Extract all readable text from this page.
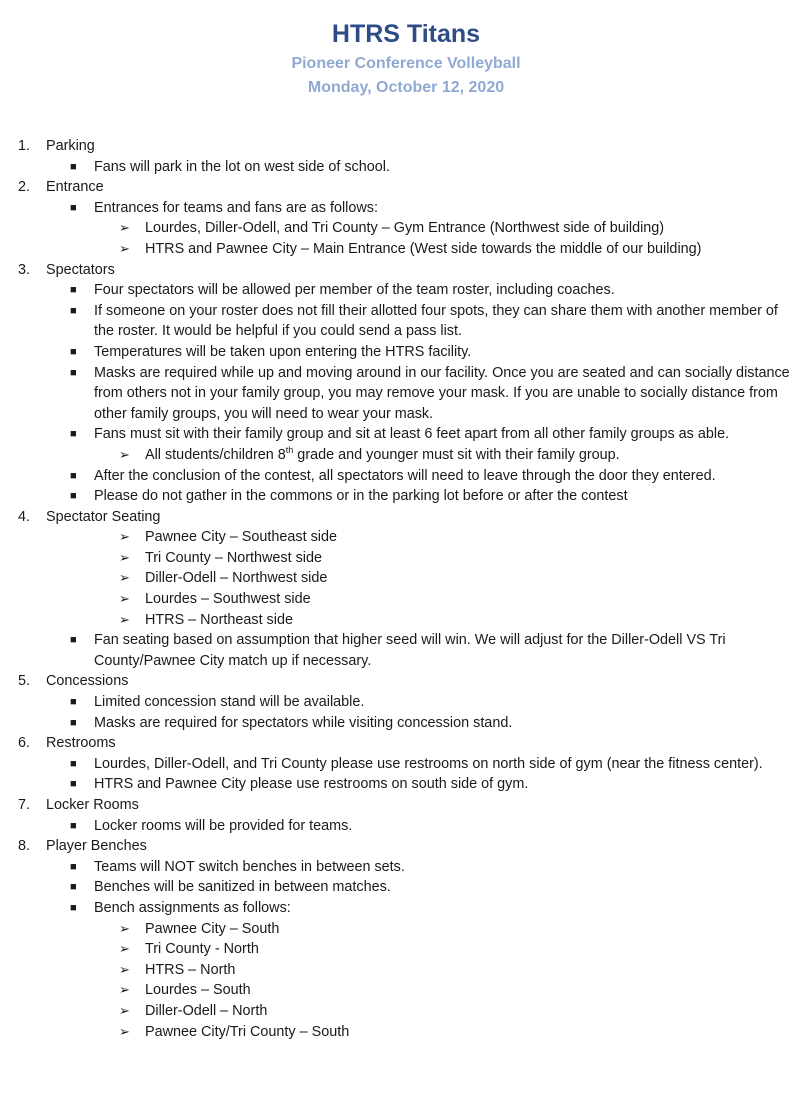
HTRS Titans
Pioneer Conference Volleyball
Monday, October 12, 2020
1. Parking
■ Fans will park in the lot on west side of school.
2. Entrance
■ Entrances for teams and fans are as follows:
➢ Lourdes, Diller-Odell, and Tri County – Gym Entrance (Northwest side of building)
➢ HTRS and Pawnee City – Main Entrance (West side towards the middle of our building)
3. Spectators
■ Four spectators will be allowed per member of the team roster, including coaches.
■ If someone on your roster does not fill their allotted four spots, they can share them with another member of the roster. It would be helpful if you could send a pass list.
■ Temperatures will be taken upon entering the HTRS facility.
■ Masks are required while up and moving around in our facility. Once you are seated and can socially distance from others not in your family group, you may remove your mask. If you are unable to socially distance from other family groups, you will need to wear your mask.
■ Fans must sit with their family group and sit at least 6 feet apart from all other family groups as able.
➢ All students/children 8th grade and younger must sit with their family group.
■ After the conclusion of the contest, all spectators will need to leave through the door they entered.
■ Please do not gather in the commons or in the parking lot before or after the contest
4. Spectator Seating
➢ Pawnee City – Southeast side
➢ Tri County – Northwest side
➢ Diller-Odell – Northwest side
➢ Lourdes – Southwest side
➢ HTRS – Northeast side
■ Fan seating based on assumption that higher seed will win. We will adjust for the Diller-Odell VS Tri County/Pawnee City match up if necessary.
5. Concessions
■ Limited concession stand will be available.
■ Masks are required for spectators while visiting concession stand.
6. Restrooms
■ Lourdes, Diller-Odell, and Tri County please use restrooms on north side of gym (near the fitness center).
■ HTRS and Pawnee City please use restrooms on south side of gym.
7. Locker Rooms
■ Locker rooms will be provided for teams.
8. Player Benches
■ Teams will NOT switch benches in between sets.
■ Benches will be sanitized in between matches.
■ Bench assignments as follows:
➢ Pawnee City – South
➢ Tri County - North
➢ HTRS – North
➢ Lourdes – South
➢ Diller-Odell – North
➢ Pawnee City/Tri County – South
